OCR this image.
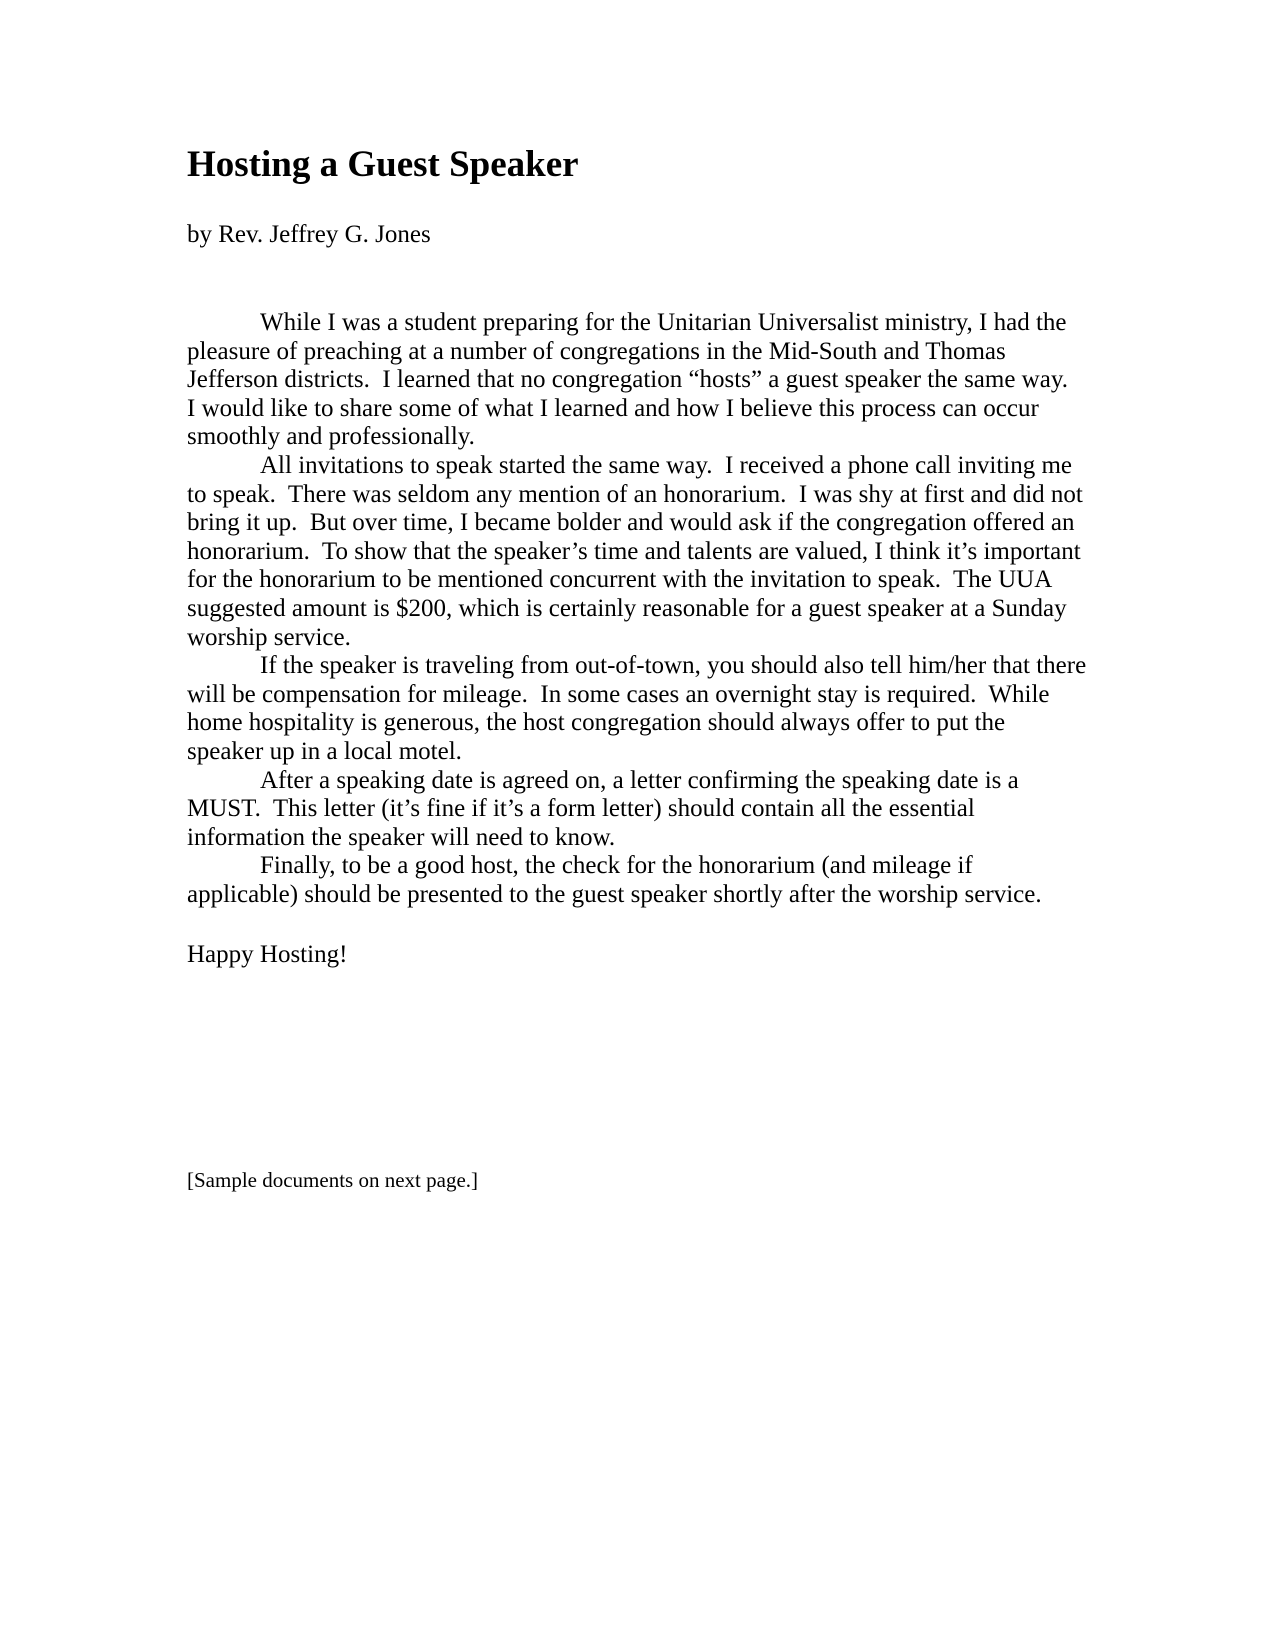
Hosting a Guest Speaker

by Rev. Jeffrey G. Jones

While I was a student preparing for the Unitarian Universalist ministry, I had the pleasure of preaching at a number of congregations in the Mid-South and Thomas Jefferson districts.  I learned that no congregation “hosts” a guest speaker the same way.  I would like to share some of what I learned and how I believe this process can occur smoothly and professionally.

All invitations to speak started the same way.  I received a phone call inviting me to speak.  There was seldom any mention of an honorarium.  I was shy at first and did not bring it up.  But over time, I became bolder and would ask if the congregation offered an honorarium.  To show that the speaker’s time and talents are valued, I think it’s important for the honorarium to be mentioned concurrent with the invitation to speak.  The UUA suggested amount is $200, which is certainly reasonable for a guest speaker at a Sunday worship service.

If the speaker is traveling from out-of-town, you should also tell him/her that there will be compensation for mileage.  In some cases an overnight stay is required.  While home hospitality is generous, the host congregation should always offer to put the speaker up in a local motel.

After a speaking date is agreed on, a letter confirming the speaking date is a MUST.  This letter (it’s fine if it’s a form letter) should contain all the essential information the speaker will need to know.

Finally, to be a good host, the check for the honorarium (and mileage if applicable) should be presented to the guest speaker shortly after the worship service.

Happy Hosting!

[Sample documents on next page.]
